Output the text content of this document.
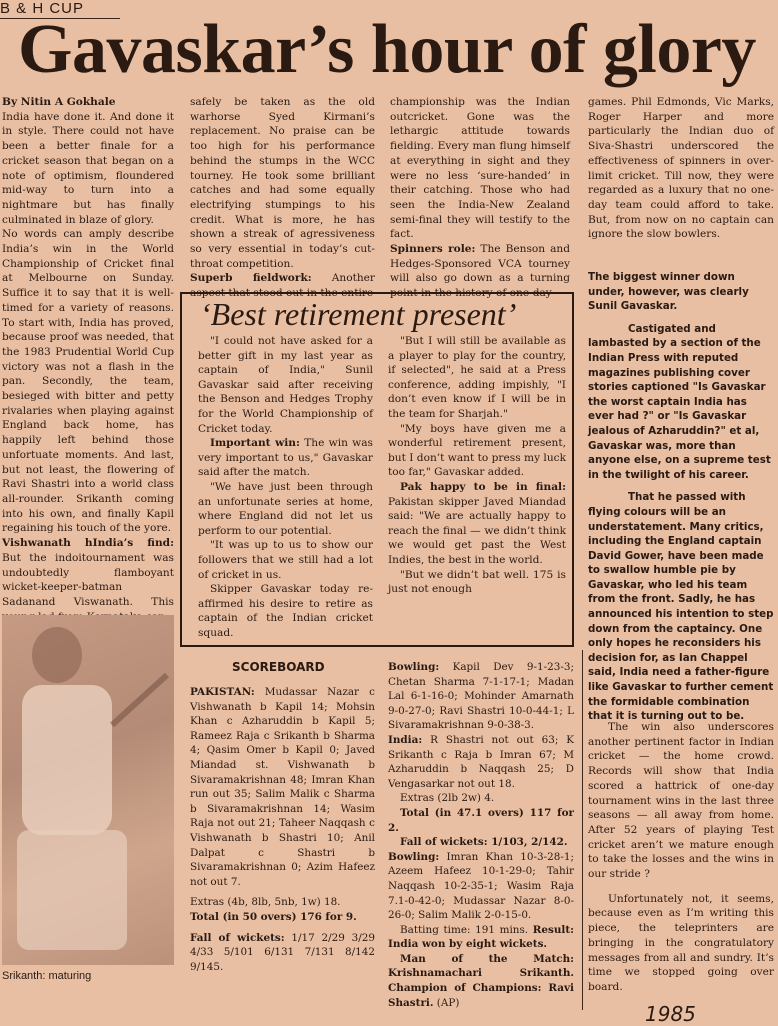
B & H CUP
Gavaskar’s hour of glory

By Nitin A Gokhale

India have done it. And done it in style. There could not have been a better finale for a cricket season that began on a note of optimism, floundered mid-way to turn into a nightmare but has finally culminated in blaze of glory.

No words can amply describe India’s win in the World Championship of Cricket final at Melbourne on Sunday. Suffice it to say that it is well-timed for a variety of reasons. To start with, India has proved, because proof was needed, that the 1983 Prudential World Cup victory was not a flash in the pan. Secondly, the team, besieged with bitter and petty rivalaries when playing against England back home, has happily left behind those unfortuate moments. And last, but not least, the flowering of Ravi Shastri into a world class all-rounder. Srikanth coming into his own, and finally Kapil regaining his touch of the yore.

Vishwanath hIndia’s find: But the indoitournament was undoubtedly flamboyant wicket-keeper-batman Sadanand Viswanath. This

Srikanth: maturing

safely be taken as the old warhorse Syed Kirmani’s replacement. No praise can be too high for his performance behind the stumps in the WCC tourney. He took some brilliant catches and had some equally electrifying stumpings to his credit. What is more, he has shown a streak of agressiveness so very essential in today’s cut-throat competition.

Superb fieldwork: Another aspect that stood out in the entire

championship was the Indian outcricket. Gone was the lethargic attitude towards fielding. Every man flung himself at everything in sight and they were no less ‘sure-handed’ in their catching. Those who had seen the India-New Zealand semi-final they will testify to the fact.

Spinners role: The Benson and Hedges-Sponsored VCA tourney will also go down as a turning point in the history of one-day

games. Phil Edmonds, Vic Marks, Roger Harper and more particularly the Indian duo of Siva-Shastri underscored the effectiveness of spinners in over-limit cricket. Till now, they were regarded as a luxury that no one-day team could afford to take. But, from now on no captain can ignore the slow bowlers.

The biggest winner down under, however, was clearly Sunil Gavaskar.

Castigated and lambasted by a section of the Indian Press with reputed magazines publishing cover stories captioned "Is Gavaskar the worst captain India has ever had ?" or "Is Gavaskar jealous of Azharuddin?" et al, Gavaskar was, more than anyone else, on a supreme test in the twilight of his career.

That he passed with flying colours will be an understatement. Many critics, including the England captain David Gower, have been made to swallow humble pie by Gavaskar, who led his team from the front. Sadly, he has announced his intention to step down from the captaincy. One only hopes he reconsiders his decision for, as Ian Chappel said, India need a father-figure like Gavaskar to further cement the formidable combination that it is turning out to be.

The win also underscores another pertinent factor in Indian cricket — the home crowd. Records will show that India scored a hattrick of one-day tournament wins in the last three seasons — all away from home. After 52 years of playing Test cricket aren’t we mature enough to take the losses and the wins in our stride ?

Unfortunately not, it seems, because even as I’m writing this piece, the teleprinters are bringing in the congratulatory messages from all and sundry. It’s time we stopped going over board.

‘Best retirement present’

"I could not have asked for a better gift in my last year as captain of India," Sunil Gavaskar said after receiving the Benson and Hedges Trophy for the World Championship of Cricket today.

Important win: The win was very important to us," Gavaskar said after the match.

"We have just been through an unfortunate series at home, where England did not let us perform to our potential.

"It was up to us to show our followers that we still had a lot of cricket in us.

Skipper Gavaskar today re-affirmed his desire to retire as captain of the Indian cricket squad.

"But I will still be available as a player to play for the country, if selected", he said at a Press conference, adding impishly, "I don’t even know if I will be in the team for Sharjah."

"My boys have given me a wonderful retirement present, but I don’t want to press my luck too far," Gavaskar added.

Pak happy to be in final: Pakistan skipper Javed Miandad said: "We are actually happy to reach the final — we didn’t think we would get past the West Indies, the best in the world.

"But we didn’t bat well. 175 is just not enough

SCOREBOARD

PAKISTAN: Mudassar Nazar c Vishwanath b Kapil 14; Mohsin Khan c Azharuddin b Kapil 5; Rameez Raja c Srikanth b Sharma 4; Qasim Omer b Kapil 0; Javed Miandad st. Vishwanath b Sivaramakrishnan 48; Imran Khan run out 35; Salim Malik c Sharma b Sivaramakrishnan 14; Wasim Raja not out 21; Taheer Naqqash c Vishwanath b Shastri 10; Anil Dalpat c Shastri b Sivaramakrishnan 0; Azim Hafeez not out 7.

Extras (4b, 8lb, 5nb, 1w) 18.

Total (in 50 overs) 176 for 9.

Fall of wickets: 1/17 2/29 3/29 4/33 5/101 6/131 7/131 8/142 9/145.

Bowling: Kapil Dev 9-1-23-3; Chetan Sharma 7-1-17-1; Madan Lal 6-1-16-0; Mohinder Amarnath 9-0-27-0; Ravi Shastri 10-0-44-1; L Sivaramakrishnan 9-0-38-3.

India: R Shastri not out 63; K Srikanth c Raja b Imran 67; M Azharuddin b Naqqash 25; D Vengasarkar not out 18.

Extras (2lb 2w) 4.

Total (in 47.1 overs) 117 for 2.

Fall of wickets: 1/103, 2/142.

Bowling: Imran Khan 10-3-28-1; Azeem Hafeez 10-1-29-0; Tahir Naqqash 10-2-35-1; Wasim Raja 7.1-0-42-0; Mudassar Nazar 8-0-26-0; Salim Malik 2-0-15-0.

Batting time: 191 mins. Result: India won by eight wickets.

Man of the Match: Krishnamachari Srikanth. Champion of Champions: Ravi Shastri. (AP)	1985
